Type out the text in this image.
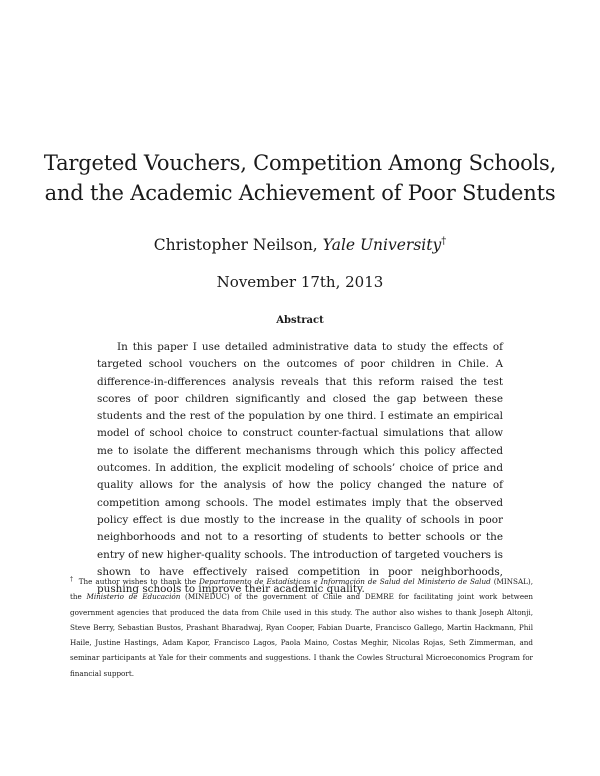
Targeted Vouchers, Competition Among Schools,
and the Academic Achievement of Poor Students
Christopher Neilson, Yale University†
November 17th, 2013
Abstract
In this paper I use detailed administrative data to study the effects of targeted school vouchers on the outcomes of poor children in Chile. A difference-in-differences analysis reveals that this reform raised the test scores of poor children significantly and closed the gap between these students and the rest of the population by one third. I estimate an empirical model of school choice to construct counter-factual simulations that allow me to isolate the different mechanisms through which this policy affected outcomes. In addition, the explicit modeling of schools’ choice of price and quality allows for the analysis of how the policy changed the nature of competition among schools. The model estimates imply that the observed policy effect is due mostly to the increase in the quality of schools in poor neighborhoods and not to a resorting of students to better schools or the entry of new higher-quality schools. The introduction of targeted vouchers is shown to have effectively raised competition in poor neighborhoods, pushing schools to improve their academic quality.
† The author wishes to thank the Departamento de Estadísticas e Información de Salud del Ministerio de Salud (MINSAL), the Ministerio de Educación (MINEDUC) of the government of Chile and DEMRE for facilitating joint work between government agencies that produced the data from Chile used in this study. The author also wishes to thank Joseph Altonji, Steve Berry, Sebastian Bustos, Prashant Bharadwaj, Ryan Cooper, Fabian Duarte, Francisco Gallego, Martin Hackmann, Phil Haile, Justine Hastings, Adam Kapor, Francisco Lagos, Paola Maino, Costas Meghir, Nicolas Rojas, Seth Zimmerman, and seminar participants at Yale for their comments and suggestions. I thank the Cowles Structural Microeconomics Program for financial support.
